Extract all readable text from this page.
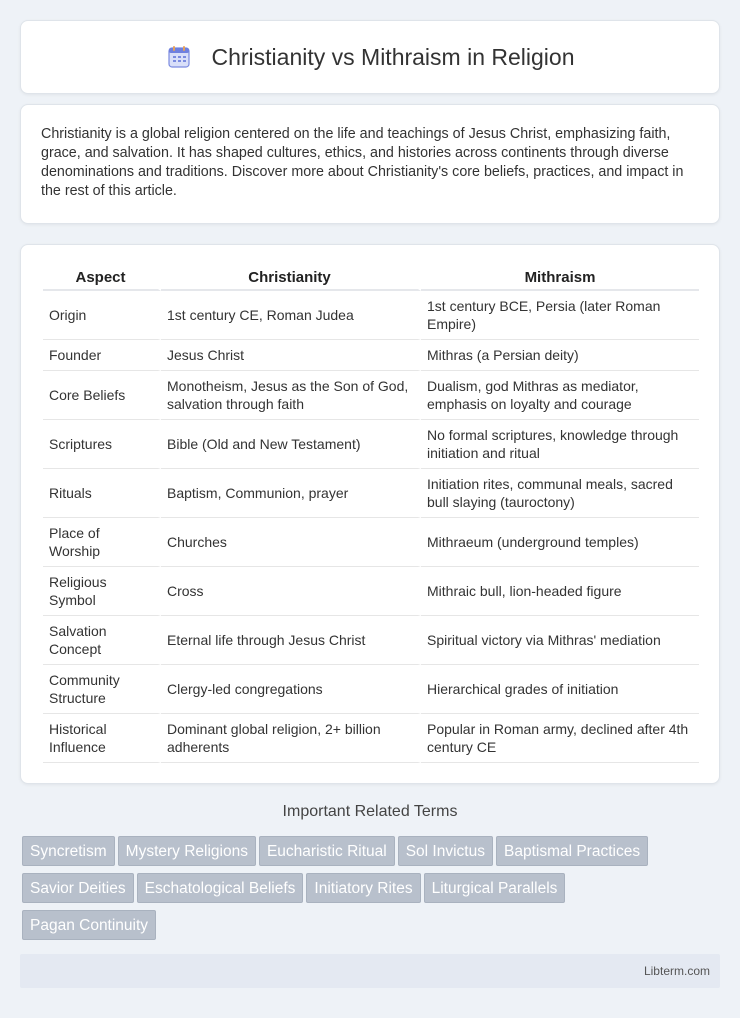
Christianity vs Mithraism in Religion

Christianity is a global religion centered on the life and teachings of Jesus Christ, emphasizing faith, grace, and salvation. It has shaped cultures, ethics, and histories across continents through diverse denominations and traditions. Discover more about Christianity's core beliefs, practices, and impact in the rest of this article.

Aspect	Christianity	Mithraism
Origin	1st century CE, Roman Judea	1st century BCE, Persia (later Roman Empire)
Founder	Jesus Christ	Mithras (a Persian deity)
Core Beliefs	Monotheism, Jesus as the Son of God, salvation through faith	Dualism, god Mithras as mediator, emphasis on loyalty and courage
Scriptures	Bible (Old and New Testament)	No formal scriptures, knowledge through initiation and ritual
Rituals	Baptism, Communion, prayer	Initiation rites, communal meals, sacred bull slaying (tauroctony)
Place of Worship	Churches	Mithraeum (underground temples)
Religious Symbol	Cross	Mithraic bull, lion-headed figure
Salvation Concept	Eternal life through Jesus Christ	Spiritual victory via Mithras' mediation
Community Structure	Clergy-led congregations	Hierarchical grades of initiation
Historical Influence	Dominant global religion, 2+ billion adherents	Popular in Roman army, declined after 4th century CE
Important Related Terms
Syncretism Mystery Religions Eucharistic Ritual Sol Invictus Baptismal Practices
Savior Deities Eschatological Beliefs Initiatory Rites Liturgical Parallels
Pagan Continuity
Libterm.com
